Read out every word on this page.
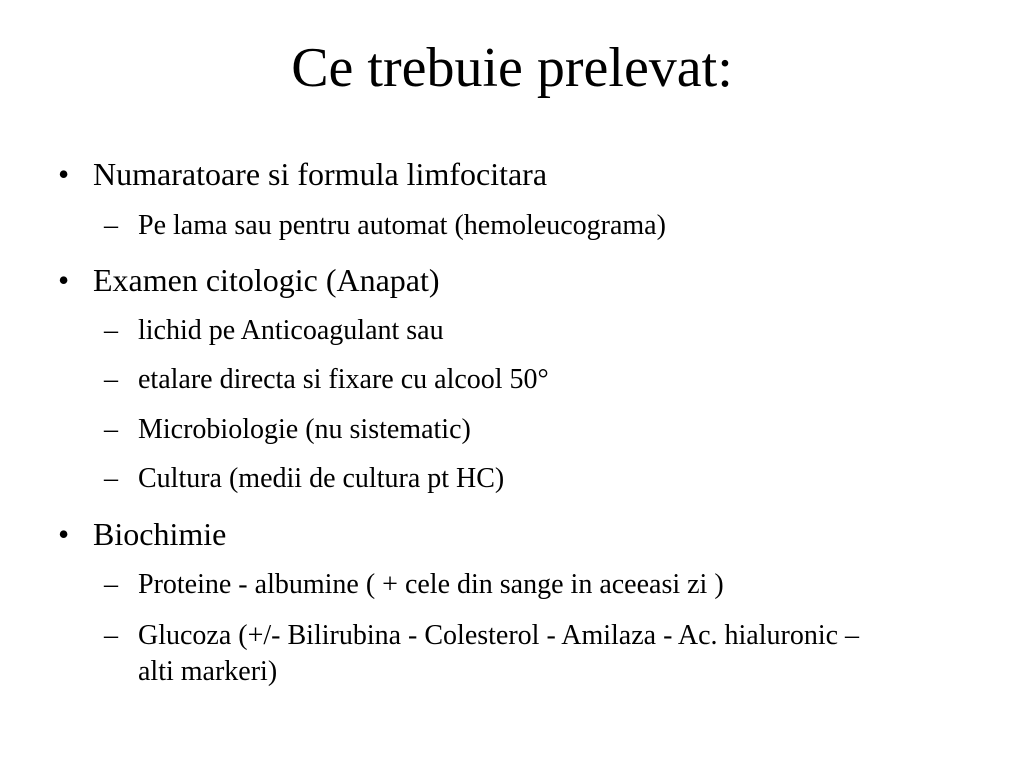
Ce trebuie prelevat:
• Numaratoare si formula limfocitara
– Pe lama sau pentru automat (hemoleucograma)
• Examen citologic (Anapat)
– lichid pe Anticoagulant sau
– etalare directa si fixare cu alcool 50°
– Microbiologie (nu sistematic)
– Cultura (medii de cultura pt HC)
• Biochimie
– Proteine - albumine ( + cele din sange in aceeasi zi )
– Glucoza (+/- Bilirubina - Colesterol - Amilaza - Ac. hialuronic – alti markeri)
